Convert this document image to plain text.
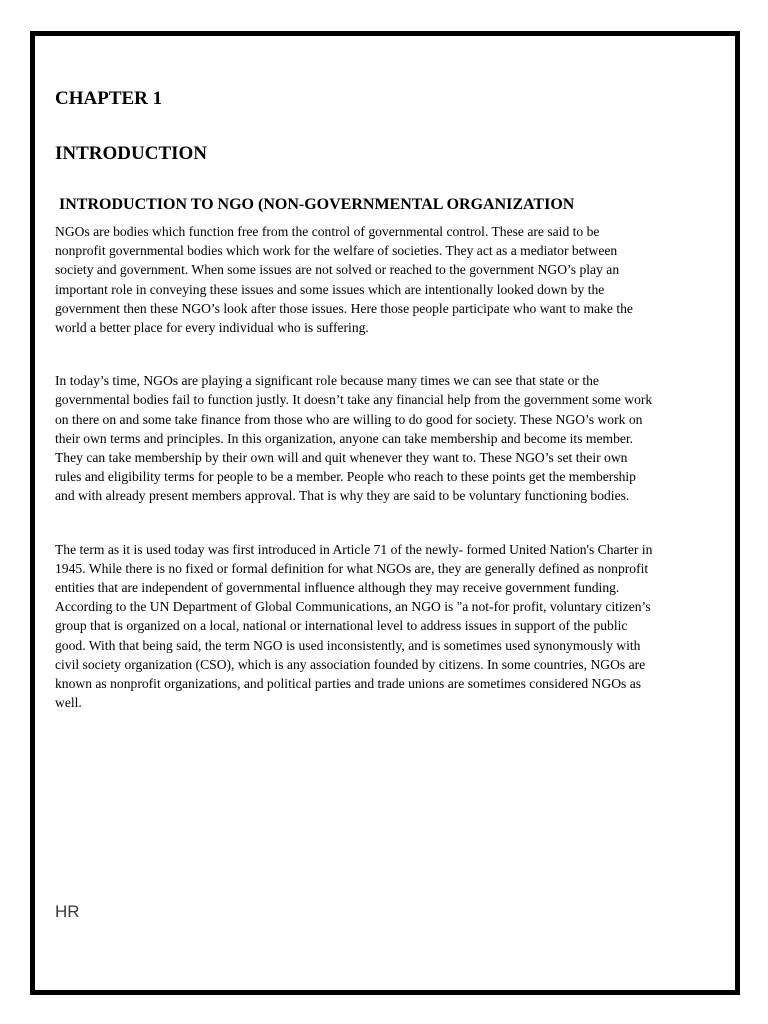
CHAPTER 1
INTRODUCTION
INTRODUCTION TO NGO (NON-GOVERNMENTAL ORGANIZATION

NGOs are bodies which function free from the control of governmental control. These are said to be nonprofit governmental bodies which work for the welfare of societies. They act as a mediator between society and government. When some issues are not solved or reached to the government NGO’s play an important role in conveying these issues and some issues which are intentionally looked down by the government then these NGO’s look after those issues. Here those people participate who want to make the world a better place for every individual who is suffering.

In today’s time, NGOs are playing a significant role because many times we can see that state or the governmental bodies fail to function justly. It doesn’t take any financial help from the government some work on there on and some take finance from those who are willing to do good for society. These NGO’s work on their own terms and principles. In this organization, anyone can take membership and become its member. They can take membership by their own will and quit whenever they want to. These NGO’s set their own rules and eligibility terms for people to be a member. People who reach to these points get the membership and with already present members approval. That is why they are said to be voluntary functioning bodies.

The term as it is used today was first introduced in Article 71 of the newly- formed United Nation's Charter in 1945. While there is no fixed or formal definition for what NGOs are, they are generally defined as nonprofit entities that are independent of governmental influence although they may receive government funding. According to the UN Department of Global Communications, an NGO is "a not-for profit, voluntary citizen’s group that is organized on a local, national or international level to address issues in support of the public good. With that being said, the term NGO is used inconsistently, and is sometimes used synonymously with civil society organization (CSO), which is any association founded by citizens. In some countries, NGOs are known as nonprofit organizations, and political parties and trade unions are sometimes considered NGOs as well.

HR
